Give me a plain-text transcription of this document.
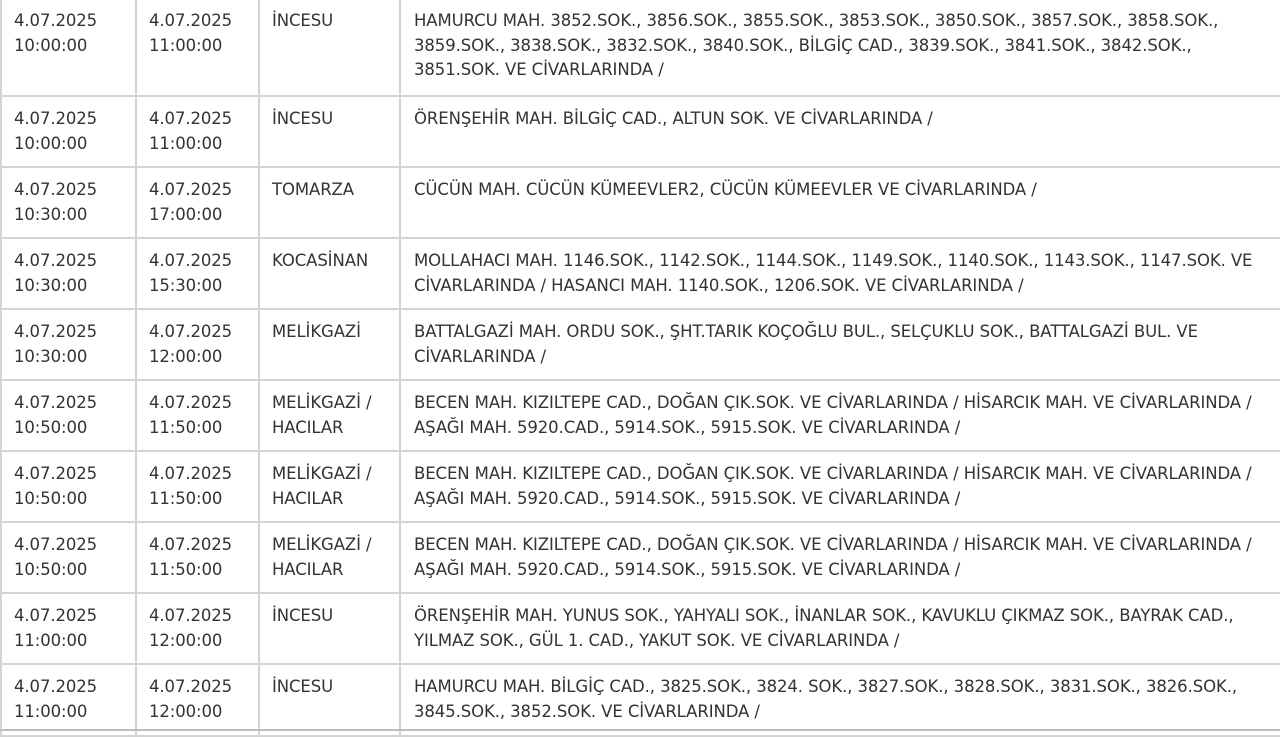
4.07.2025
10:00:00	4.07.2025
11:00:00	İNCESU	HAMURCU MAH. 3852.SOK., 3856.SOK., 3855.SOK., 3853.SOK., 3850.SOK., 3857.SOK., 3858.SOK., 3859.SOK., 3838.SOK., 3832.SOK., 3840.SOK., BİLGİÇ CAD., 3839.SOK., 3841.SOK., 3842.SOK., 3851.SOK. VE CİVARLARINDA /

4.07.2025
10:00:00	4.07.2025
11:00:00	İNCESU	ÖRENŞEHİR MAH. BİLGİÇ CAD., ALTUN SOK. VE CİVARLARINDA /

4.07.2025
10:30:00	4.07.2025
17:00:00	TOMARZA	CÜCÜN MAH. CÜCÜN KÜMEEVLER2, CÜCÜN KÜMEEVLER VE CİVARLARINDA /

4.07.2025
10:30:00	4.07.2025
15:30:00	KOCASİNAN	MOLLAHACI MAH. 1146.SOK., 1142.SOK., 1144.SOK., 1149.SOK., 1140.SOK., 1143.SOK., 1147.SOK. VE CİVARLARINDA / HASANCI MAH. 1140.SOK., 1206.SOK. VE CİVARLARINDA /

4.07.2025
10:30:00	4.07.2025
12:00:00	MELİKGAZİ	BATTALGAZİ MAH. ORDU SOK., ŞHT.TARIK KOÇOĞLU BUL., SELÇUKLU SOK., BATTALGAZİ BUL. VE CİVARLARINDA /

4.07.2025
10:50:00	4.07.2025
11:50:00	MELİKGAZİ /
HACILAR	BECEN MAH. KIZILTEPE CAD., DOĞAN ÇIK.SOK. VE CİVARLARINDA / HİSARCIK MAH. VE CİVARLARINDA / AŞAĞI MAH. 5920.CAD., 5914.SOK., 5915.SOK. VE CİVARLARINDA /

4.07.2025
10:50:00	4.07.2025
11:50:00	MELİKGAZİ /
HACILAR	BECEN MAH. KIZILTEPE CAD., DOĞAN ÇIK.SOK. VE CİVARLARINDA / HİSARCIK MAH. VE CİVARLARINDA / AŞAĞI MAH. 5920.CAD., 5914.SOK., 5915.SOK. VE CİVARLARINDA /

4.07.2025
10:50:00	4.07.2025
11:50:00	MELİKGAZİ /
HACILAR	BECEN MAH. KIZILTEPE CAD., DOĞAN ÇIK.SOK. VE CİVARLARINDA / HİSARCIK MAH. VE CİVARLARINDA / AŞAĞI MAH. 5920.CAD., 5914.SOK., 5915.SOK. VE CİVARLARINDA /

4.07.2025
11:00:00	4.07.2025
12:00:00	İNCESU	ÖRENŞEHİR MAH. YUNUS SOK., YAHYALI SOK., İNANLAR SOK., KAVUKLU ÇIKMAZ SOK., BAYRAK CAD., YILMAZ SOK., GÜL 1. CAD., YAKUT SOK. VE CİVARLARINDA /

4.07.2025
11:00:00	4.07.2025
12:00:00	İNCESU	HAMURCU MAH. BİLGİÇ CAD., 3825.SOK., 3824. SOK., 3827.SOK., 3828.SOK., 3831.SOK., 3826.SOK., 3845.SOK., 3852.SOK. VE CİVARLARINDA /
